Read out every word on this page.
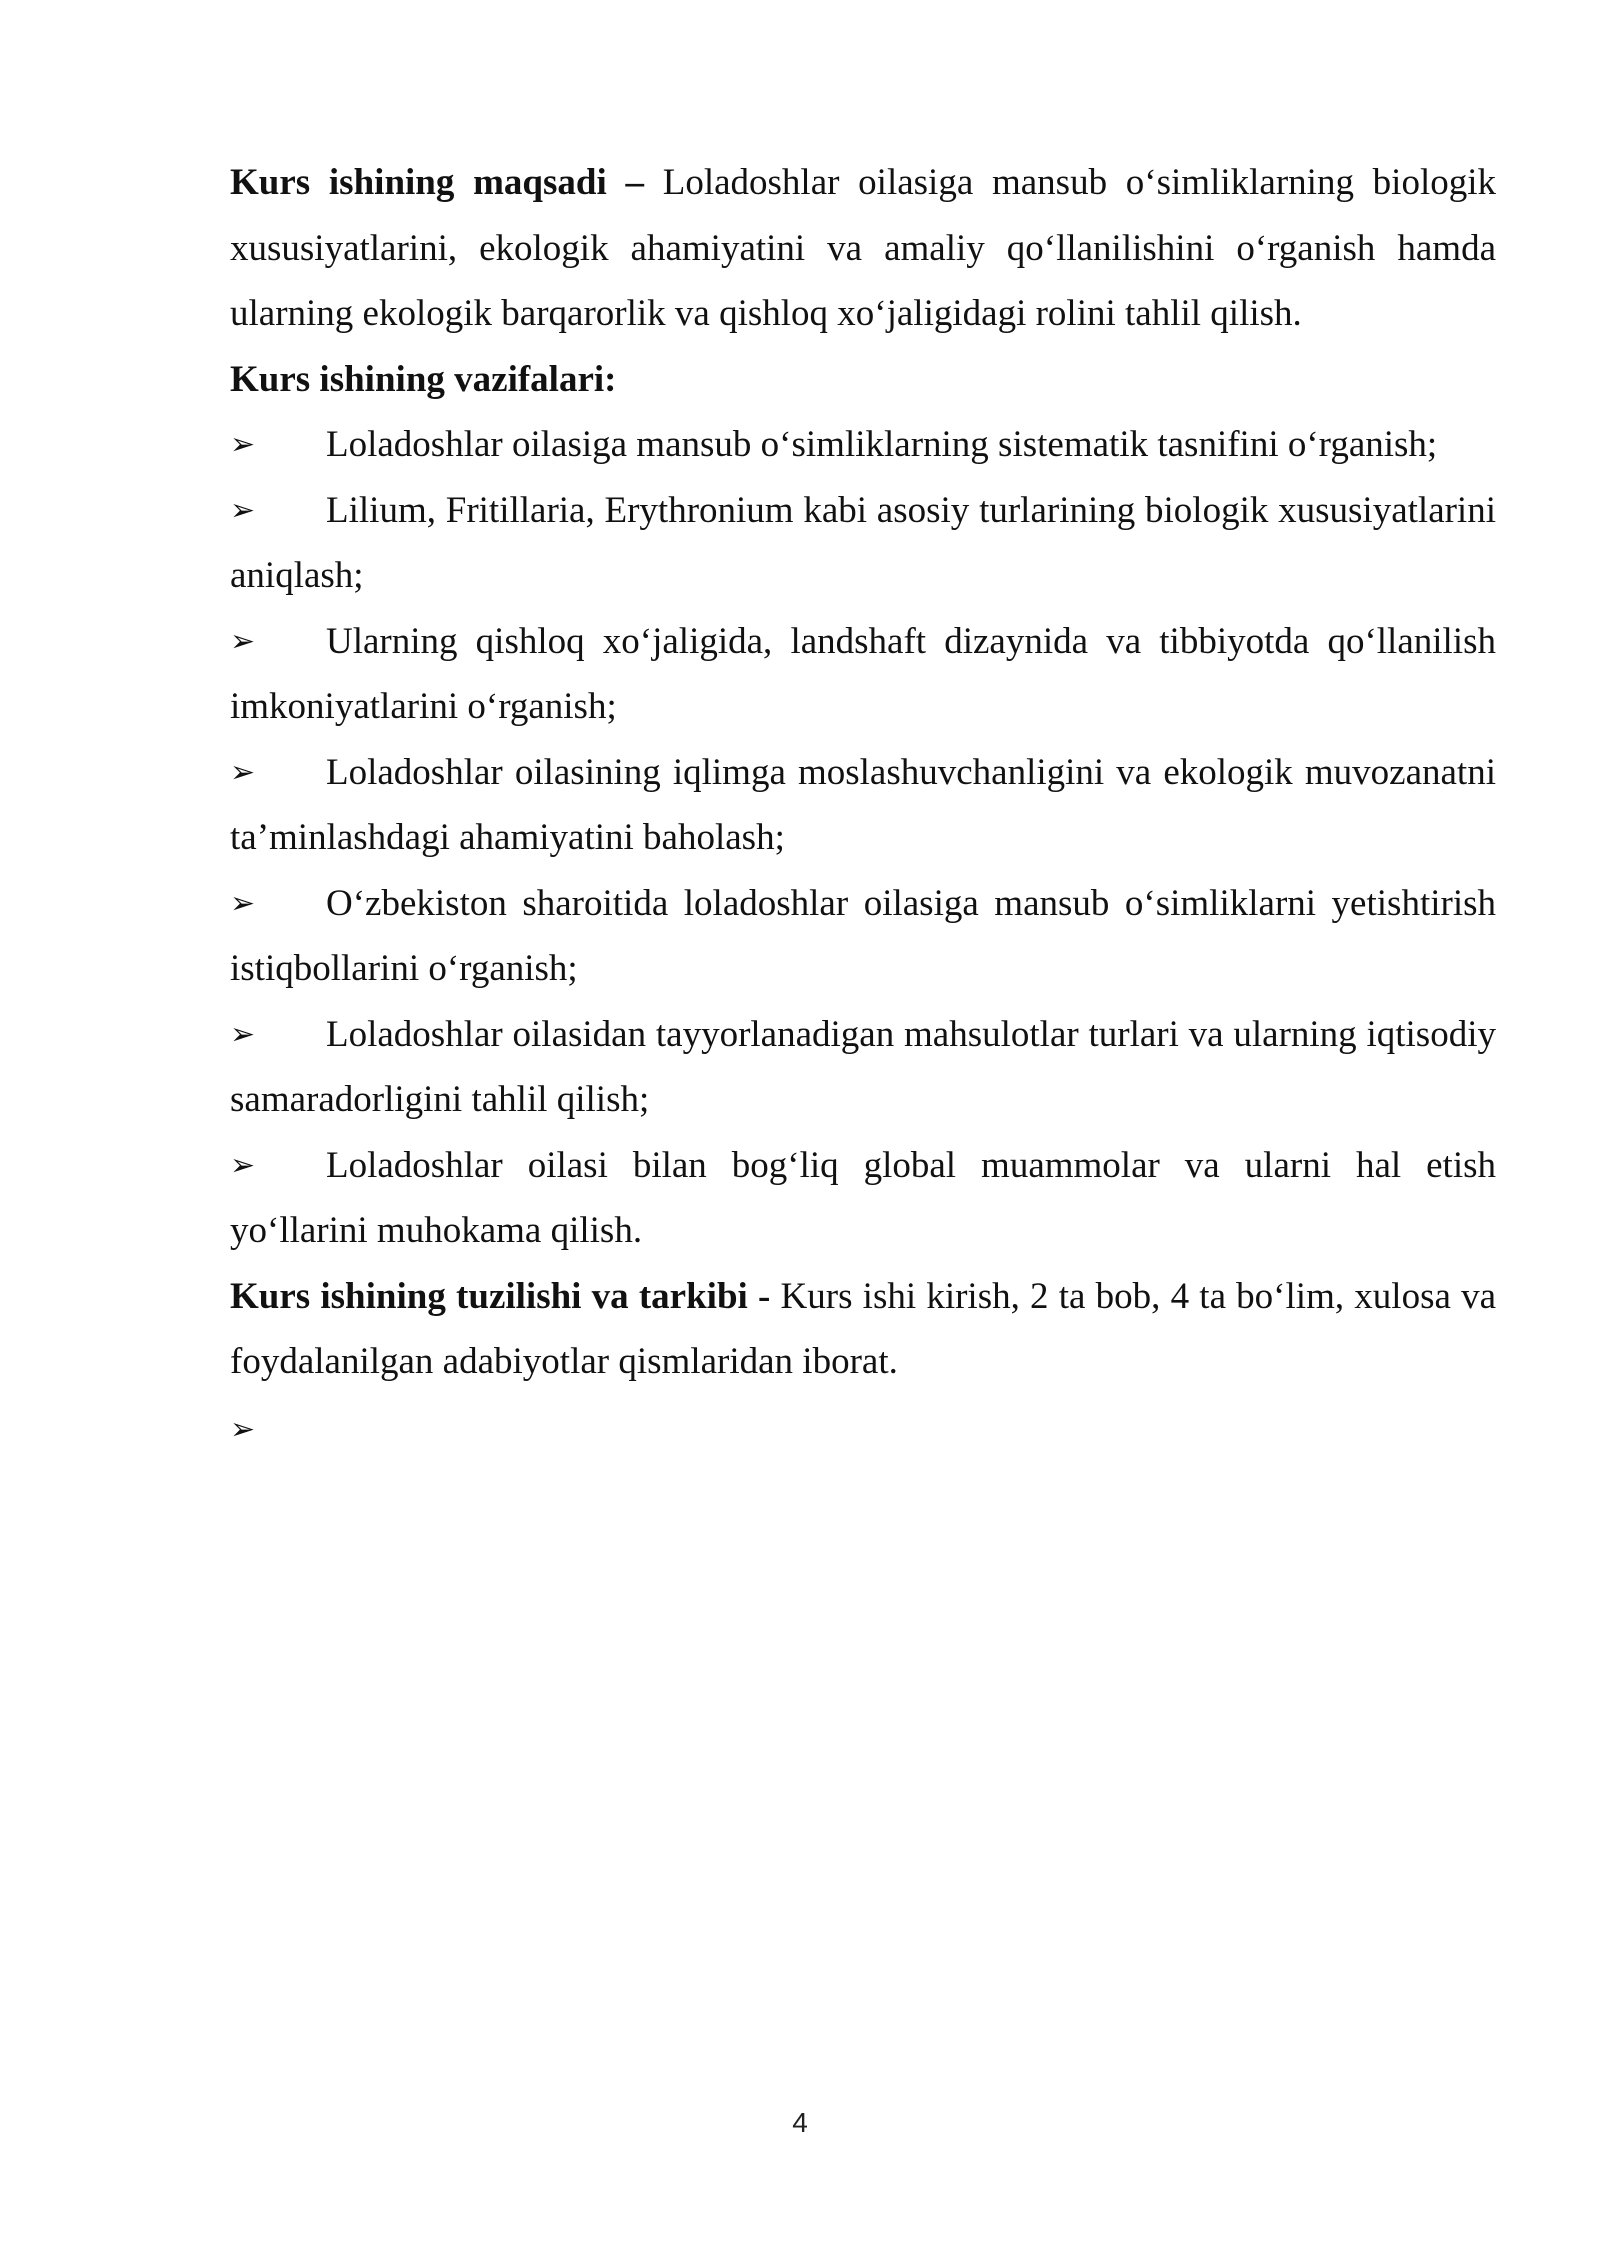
Kurs ishining maqsadi – Loladoshlar oilasiga mansub o‘simliklarning biologik xususiyatlarini, ekologik ahamiyatini va amaliy qo‘llanilishini o‘rganish hamda ularning ekologik barqarorlik va qishloq xo‘jaligidagi rolini tahlil qilish.

Kurs ishining vazifalari:

➢ Loladoshlar oilasiga mansub o‘simliklarning sistematik tasnifini o‘rganish;

➢ Lilium, Fritillaria, Erythronium kabi asosiy turlarining biologik xususiyatlarini aniqlash;

➢ Ularning qishloq xo‘jaligida, landshaft dizaynida va tibbiyotda qo‘llanilish imkoniyatlarini o‘rganish;

➢ Loladoshlar oilasining iqlimga moslashuvchanligini va ekologik muvozanatni ta’minlashdagi ahamiyatini baholash;

➢ O‘zbekiston sharoitida loladoshlar oilasiga mansub o‘simliklarni yetishtirish istiqbollarini o‘rganish;

➢ Loladoshlar oilasidan tayyorlanadigan mahsulotlar turlari va ularning iqtisodiy samaradorligini tahlil qilish;

➢ Loladoshlar oilasi bilan bog‘liq global muammolar va ularni hal etish yo‘llarini muhokama qilish.

Kurs ishining tuzilishi va tarkibi - Kurs ishi kirish, 2 ta bob, 4 ta bo‘lim, xulosa va foydalanilgan adabiyotlar qismlaridan iborat.

➢

4
